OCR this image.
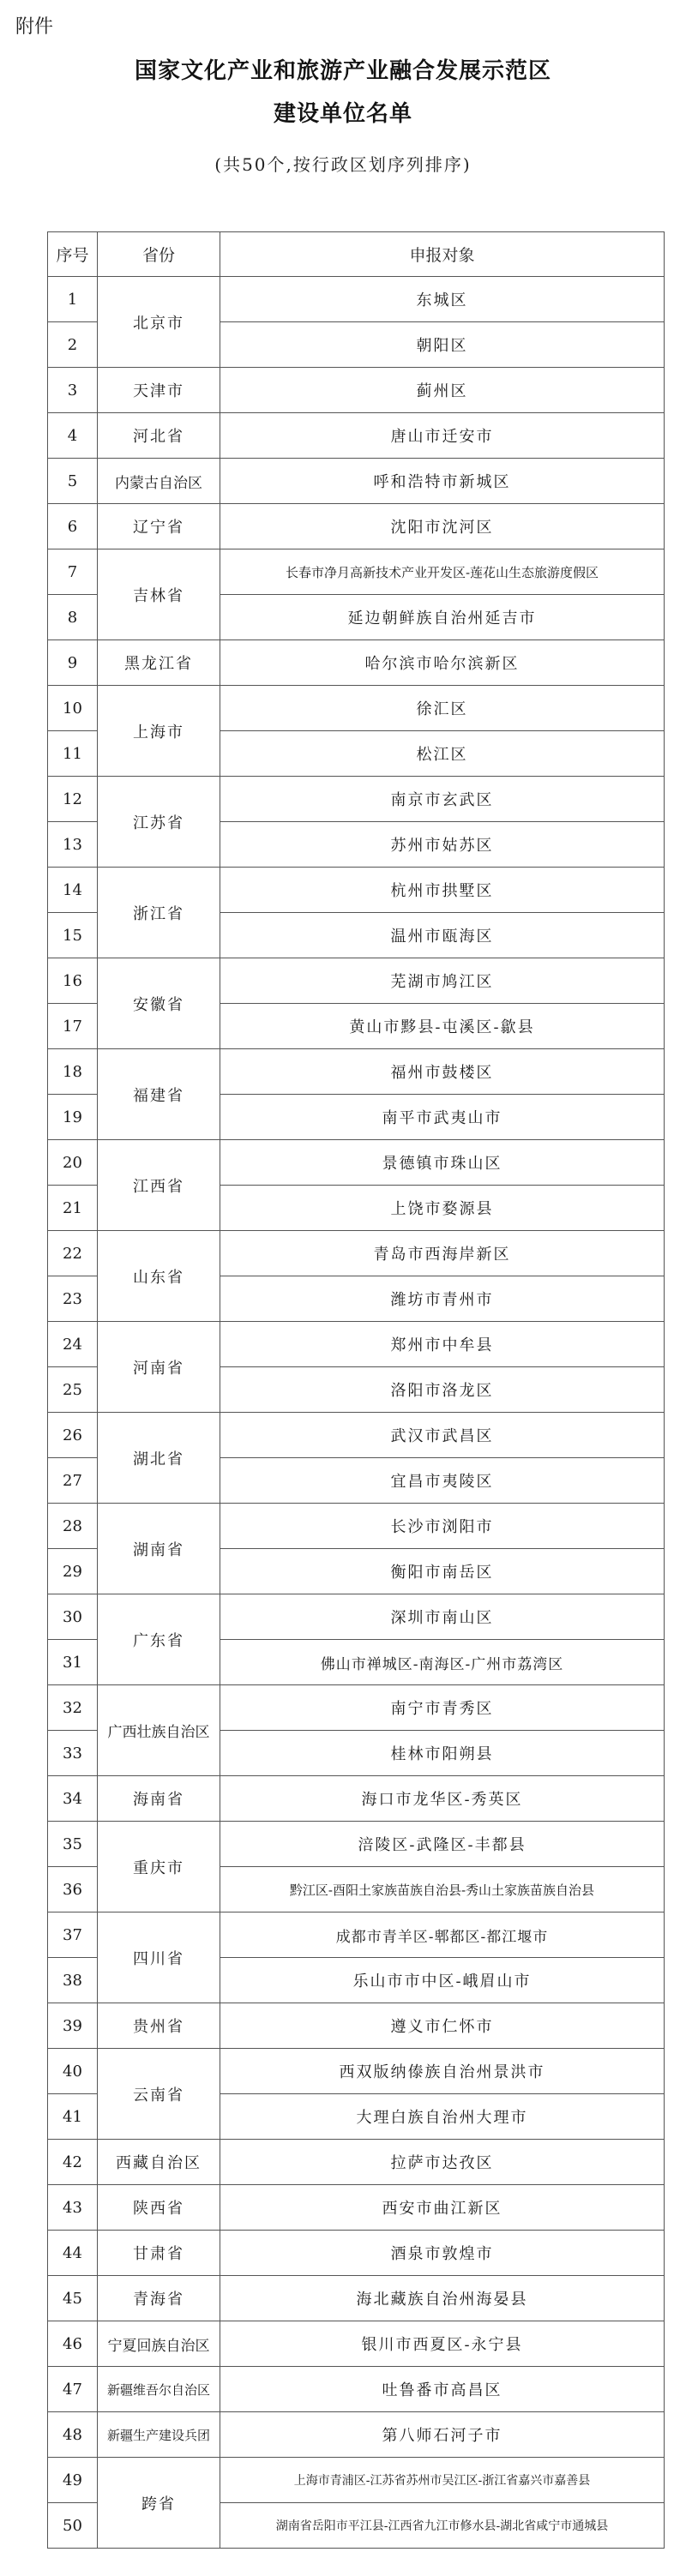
附件
国家文化产业和旅游产业融合发展示范区
建设单位名单
(共50个,按行政区划序列排序)
序号	省份	申报对象
1	北京市	东城区
2		朝阳区
3	天津市	蓟州区
4	河北省	唐山市迁安市
5	内蒙古自治区	呼和浩特市新城区
6	辽宁省	沈阳市沈河区
7	吉林省	长春市净月高新技术产业开发区-莲花山生态旅游度假区
8		延边朝鲜族自治州延吉市
9	黑龙江省	哈尔滨市哈尔滨新区
10	上海市	徐汇区
11		松江区
12	江苏省	南京市玄武区
13		苏州市姑苏区
14	浙江省	杭州市拱墅区
15		温州市瓯海区
16	安徽省	芜湖市鸠江区
17		黄山市黟县-屯溪区-歙县
18	福建省	福州市鼓楼区
19		南平市武夷山市
20	江西省	景德镇市珠山区
21		上饶市婺源县
22	山东省	青岛市西海岸新区
23		潍坊市青州市
24	河南省	郑州市中牟县
25		洛阳市洛龙区
26	湖北省	武汉市武昌区
27		宜昌市夷陵区
28	湖南省	长沙市浏阳市
29		衡阳市南岳区
30	广东省	深圳市南山区
31		佛山市禅城区-南海区-广州市荔湾区
32	广西壮族自治区	南宁市青秀区
33		桂林市阳朔县
34	海南省	海口市龙华区-秀英区
35	重庆市	涪陵区-武隆区-丰都县
36		黔江区-酉阳土家族苗族自治县-秀山土家族苗族自治县
37	四川省	成都市青羊区-郫都区-都江堰市
38		乐山市市中区-峨眉山市
39	贵州省	遵义市仁怀市
40	云南省	西双版纳傣族自治州景洪市
41		大理白族自治州大理市
42	西藏自治区	拉萨市达孜区
43	陕西省	西安市曲江新区
44	甘肃省	酒泉市敦煌市
45	青海省	海北藏族自治州海晏县
46	宁夏回族自治区	银川市西夏区-永宁县
47	新疆维吾尔自治区	吐鲁番市高昌区
48	新疆生产建设兵团	第八师石河子市
49	跨省	上海市青浦区-江苏省苏州市吴江区-浙江省嘉兴市嘉善县
50		湖南省岳阳市平江县-江西省九江市修水县-湖北省咸宁市通城县
